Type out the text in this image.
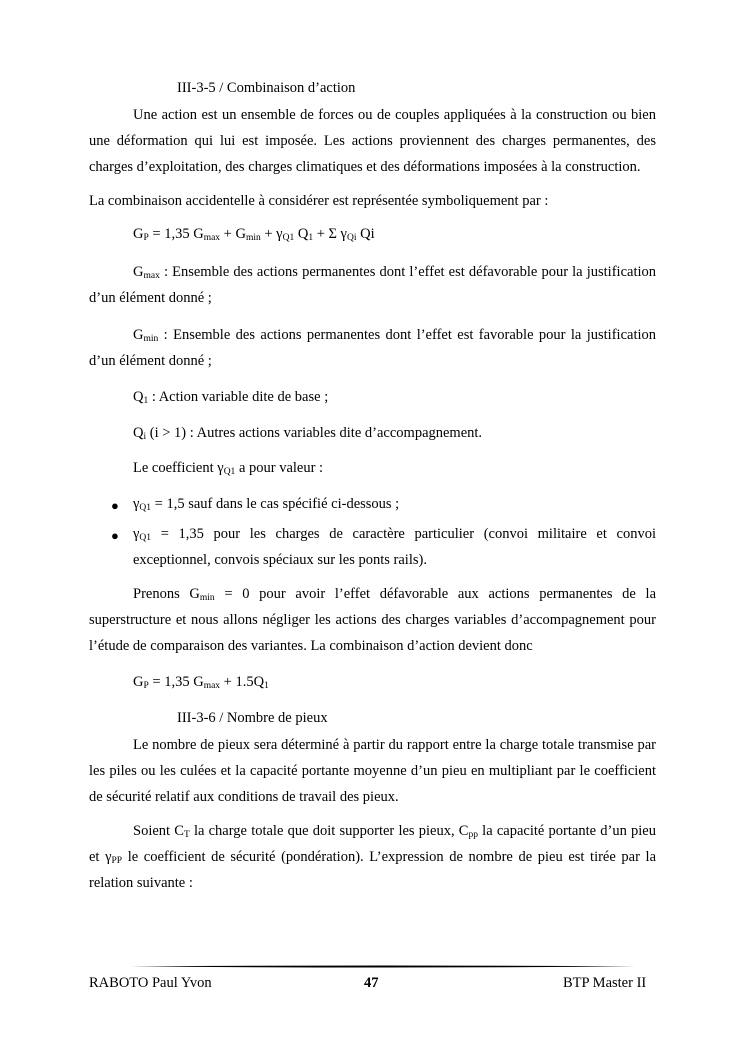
III-3-5 / Combinaison d’action
Une action est un ensemble de forces ou de couples appliquées à la construction ou bien une déformation qui lui est imposée. Les actions proviennent des charges permanentes, des charges d’exploitation, des charges climatiques et des déformations imposées à la construction.
La combinaison accidentelle à considérer est représentée symboliquement par :
$G_P = 1,35$ $G_{max} + G_{min} + \gamma_{Q1}$ $Q_1 + \Sigma$ $\gamma_{Qi}$ Qi
$G_{max}$ : Ensemble des actions permanentes dont l’effet est défavorable pour la justification d’un élément donné ;
$G_{min}$ : Ensemble des actions permanentes dont l’effet est favorable pour la justification d’un élément donné ;
$Q_1$ : Action variable dite de base ;
$Q_i$ (i > 1) : Autres actions variables dite d’accompagnement.
Le coefficient $\gamma_{Q1}$ a pour valeur :
● $\gamma_{Q1} = 1,5$ sauf dans le cas spécifié ci-dessous ;
● $\gamma_{Q1} = 1,35$ pour les charges de caractère particulier (convoi militaire et convoi exceptionnel, convois spéciaux sur les ponts rails).
Prenons $G_{min} = 0$ pour avoir l’effet défavorable aux actions permanentes de la superstructure et nous allons négliger les actions des charges variables d’accompagnement pour l’étude de comparaison des variantes. La combinaison d’action devient donc
$G_P = 1,35$ $G_{max} + 1.5Q_1$
III-3-6 / Nombre de pieux
Le nombre de pieux sera déterminé à partir du rapport entre la charge totale transmise par les piles ou les culées et la capacité portante moyenne d’un pieu en multipliant par le coefficient de sécurité relatif aux conditions de travail des pieux.
Soient $C_T$ la charge totale que doit supporter les pieux, $C_{pp}$ la capacité portante d’un pieu et $\gamma_{PP}$ le coefficient de sécurité (pondération). L’expression de nombre de pieu est tirée par la relation suivante :
RABOTO Paul Yvon	47	BTP Master II
